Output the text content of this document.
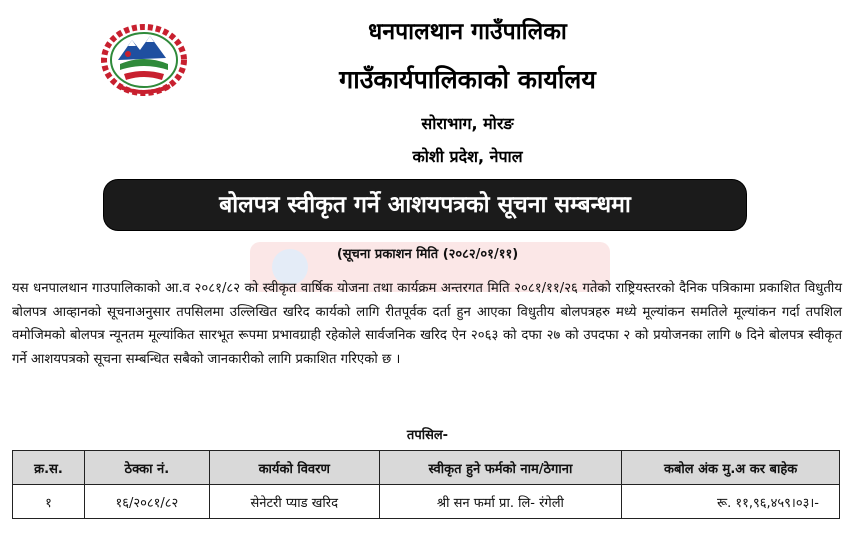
धनपालथान गाउँपालिका
गाउँकार्यपालिकाको कार्यालय
सोराभाग, मोरङ
कोशी प्रदेश, नेपाल
बोलपत्र स्वीकृत गर्ने आशयपत्रको सूचना सम्बन्धमा
(सूचना प्रकाशन मिति (२०८२/०१/११)
यस धनपालथान गाउपालिकाको आ.व २०८१/८२ को स्वीकृत वार्षिक योजना तथा कार्यक्रम अन्तरगत मिति २०८१/११/२६ गतेको राष्ट्रियस्तरको दैनिक पत्रिकामा प्रकाशित विधुतीय बोलपत्र आव्हानको सूचनाअनुसार तपसिलमा उल्लिखित खरिद कार्यको लागि रीतपूर्वक दर्ता हुन आएका विधुतीय बोलपत्रहरु मध्ये मूल्यांकन समतिले मूल्यांकन गर्दा तपशिल वमोजिमको बोलपत्र न्यूनतम मूल्यांकित सारभूत रूपमा प्रभावग्राही रहेकोले सार्वजनिक खरिद ऐन २०६३ को दफा २७ को उपदफा २ को प्रयोजनका लागि ७ दिने बोलपत्र स्वीकृत गर्ने आशयपत्रको सूचना सम्बन्धित सबैको जानकारीको लागि प्रकाशित गरिएको छ ।
तपसिल-
क्र.स.	ठेक्का नं.	कार्यको विवरण	स्वीकृत हुने फर्मको नाम/ठेगाना	कबोल अंक मु.अ कर बाहेक
१	१६/२०८१/८२	सेनेटरी प्याड खरिद	श्री सन फर्मा प्रा. लि- रंगेली	रू. ११,९६,४५९।०३।-
